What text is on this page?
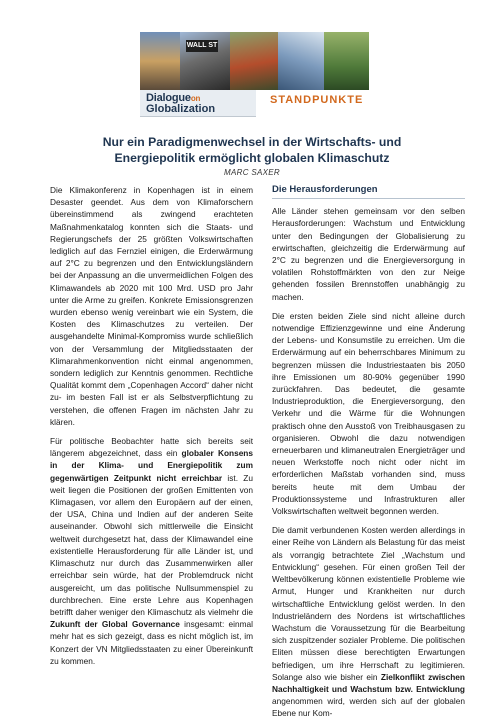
WALL ST
Dialogueon
Globalization
STANDPUNKTE
Nur ein Paradigmenwechsel in der Wirtschafts- und
Energiepolitik ermöglicht globalen Klimaschutz
MARC SAXER

Die Klimakonferenz in Kopenhagen ist in einem Desaster geendet. Aus dem von Klimaforschern übereinstimmend als zwingend erachteten Maßnahmenkatalog konnten sich die Staats- und Regierungschefs der 25 größten Volkswirtschaften lediglich auf das Fernziel einigen, die Erderwärmung auf 2°C zu begrenzen und den Entwicklungsländern bei der Anpassung an die unvermeidlichen Folgen des Klimawandels ab 2020 mit 100 Mrd. USD pro Jahr unter die Arme zu greifen. Konkrete Emissionsgrenzen wurden ebenso wenig vereinbart wie ein System, die Kosten des Klimaschutzes zu verteilen. Der ausgehandelte Minimal-Kompromiss wurde schließlich von der Versammlung der Mitgliedsstaaten der Klimarahmenkonvention nicht einmal angenommen, sondern lediglich zur Kenntnis genommen. Rechtliche Qualität kommt dem „Copenhagen Accord“ daher nicht zu- im besten Fall ist er als Selbstverpflichtung zu verstehen, die offenen Fragen im nächsten Jahr zu klären.

Für politische Beobachter hatte sich bereits seit längerem abgezeichnet, dass ein globaler Konsens in der Klima- und Energiepolitik zum gegenwärtigen Zeitpunkt nicht erreichbar ist. Zu weit liegen die Positionen der großen Emittenten von Klimagasen, vor allem den Europäern auf der einen, der USA, China und Indien auf der anderen Seite auseinander. Obwohl sich mittlerweile die Einsicht weltweit durchgesetzt hat, dass der Klimawandel eine existentielle Herausforderung für alle Länder ist, und Klimaschutz nur durch das Zusammenwirken aller erreichbar sein würde, hat der Problemdruck nicht ausgereicht, um das politische Nullsummenspiel zu durchbrechen. Eine erste Lehre aus Kopenhagen betrifft daher weniger den Klimaschutz als vielmehr die Zukunft der Global Governance insgesamt: einmal mehr hat es sich gezeigt, dass es nicht möglich ist, im Konzert der VN Mitgliedsstaaten zu einer Übereinkunft zu kommen.

Die Herausforderungen

Alle Länder stehen gemeinsam vor den selben Herausforderungen: Wachstum und Entwicklung unter den Bedingungen der Globalisierung zu erwirtschaften, gleichzeitig die Erderwärmung auf 2°C zu begrenzen und die Energieversorgung in volatilen Rohstoffmärkten von den zur Neige gehenden fossilen Brennstoffen unabhängig zu machen.

Die ersten beiden Ziele sind nicht alleine durch notwendige Effizienzgewinne und eine Änderung der Lebens- und Konsumstile zu erreichen. Um die Erderwärmung auf ein beherrschbares Minimum zu begrenzen müssen die Industriestaaten bis 2050 ihre Emissionen um 80-90% gegenüber 1990 zurückfahren. Das bedeutet, die gesamte Industrieproduktion, die Energieversorgung, den Verkehr und die Wärme für die Wohnungen praktisch ohne den Ausstoß von Treibhausgasen zu organisieren. Obwohl die dazu notwendigen erneuerbaren und klimaneutralen Energieträger und neuen Werkstoffe noch nicht oder nicht im erforderlichen Maßstab vorhanden sind, muss bereits heute mit dem Umbau der Produktionssysteme und Infrastrukturen aller Volkswirtschaften weltweit begonnen werden.

Die damit verbundenen Kosten werden allerdings in einer Reihe von Ländern als Belastung für das meist als vorrangig betrachtete Ziel „Wachstum und Entwicklung“ gesehen. Für einen großen Teil der Weltbevölkerung können existentielle Probleme wie Armut, Hunger und Krankheiten nur durch wirtschaftliche Entwicklung gelöst werden. In den Industrieländern des Nordens ist wirtschaftliches Wachstum die Voraussetzung für die Bearbeitung sich zuspitzender sozialer Probleme. Die politischen Eliten müssen diese berechtigten Erwartungen befriedigen, um ihre Herrschaft zu legitimieren. Solange also wie bisher ein Zielkonflikt zwischen Nachhaltigkeit und Wachstum bzw. Entwicklung angenommen wird, werden sich auf der globalen Ebene nur Kom-
